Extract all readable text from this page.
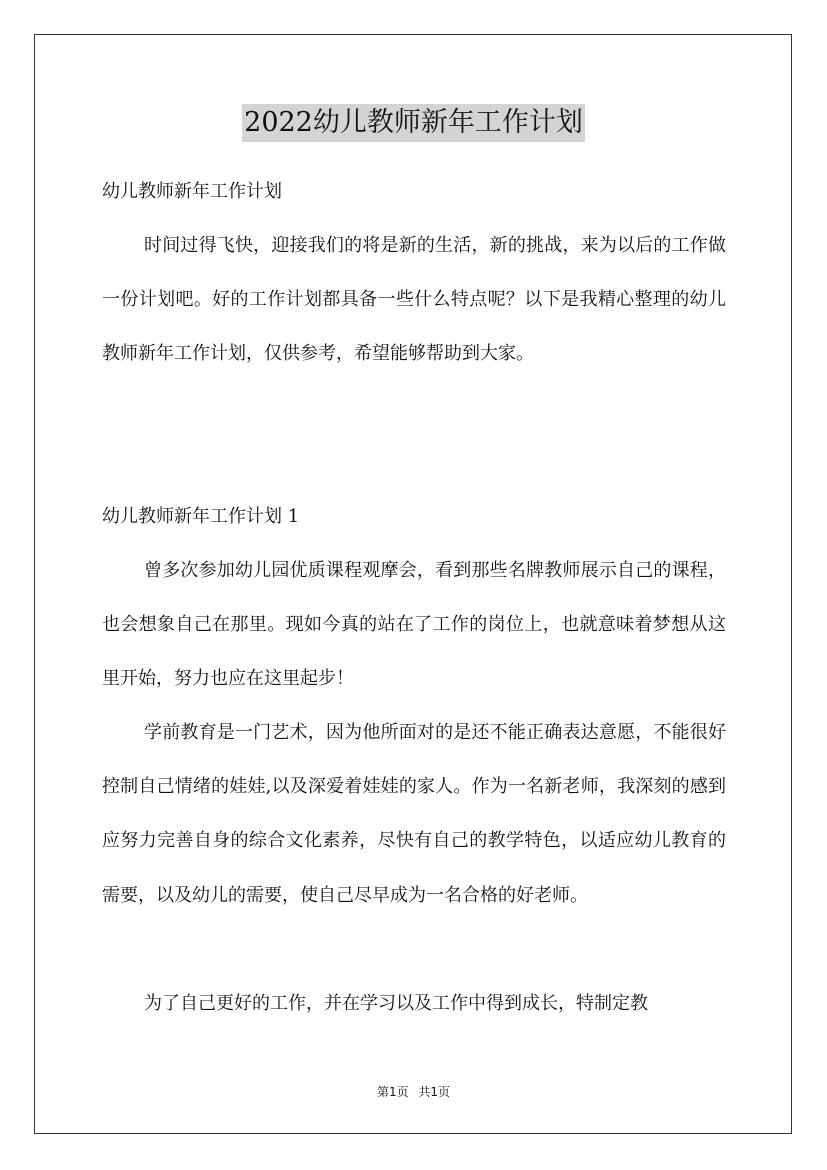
2022幼儿教师新年工作计划

幼儿教师新年工作计划

时间过得飞快，迎接我们的将是新的生活，新的挑战，来为以后的工作做一份计划吧。好的工作计划都具备一些什么特点呢？以下是我精心整理的幼儿教师新年工作计划，仅供参考，希望能够帮助到大家。

幼儿教师新年工作计划 1

曾多次参加幼儿园优质课程观摩会，看到那些名牌教师展示自己的课程，也会想象自己在那里。现如今真的站在了工作的岗位上，也就意味着梦想从这里开始，努力也应在这里起步！

学前教育是一门艺术，因为他所面对的是还不能正确表达意愿，不能很好控制自己情绪的娃娃,以及深爱着娃娃的家人。作为一名新老师，我深刻的感到应努力完善自身的综合文化素养，尽快有自己的教学特色，以适应幼儿教育的需要，以及幼儿的需要，使自己尽早成为一名合格的好老师。

为了自己更好的工作，并在学习以及工作中得到成长，特制定教

第1页 共1页
